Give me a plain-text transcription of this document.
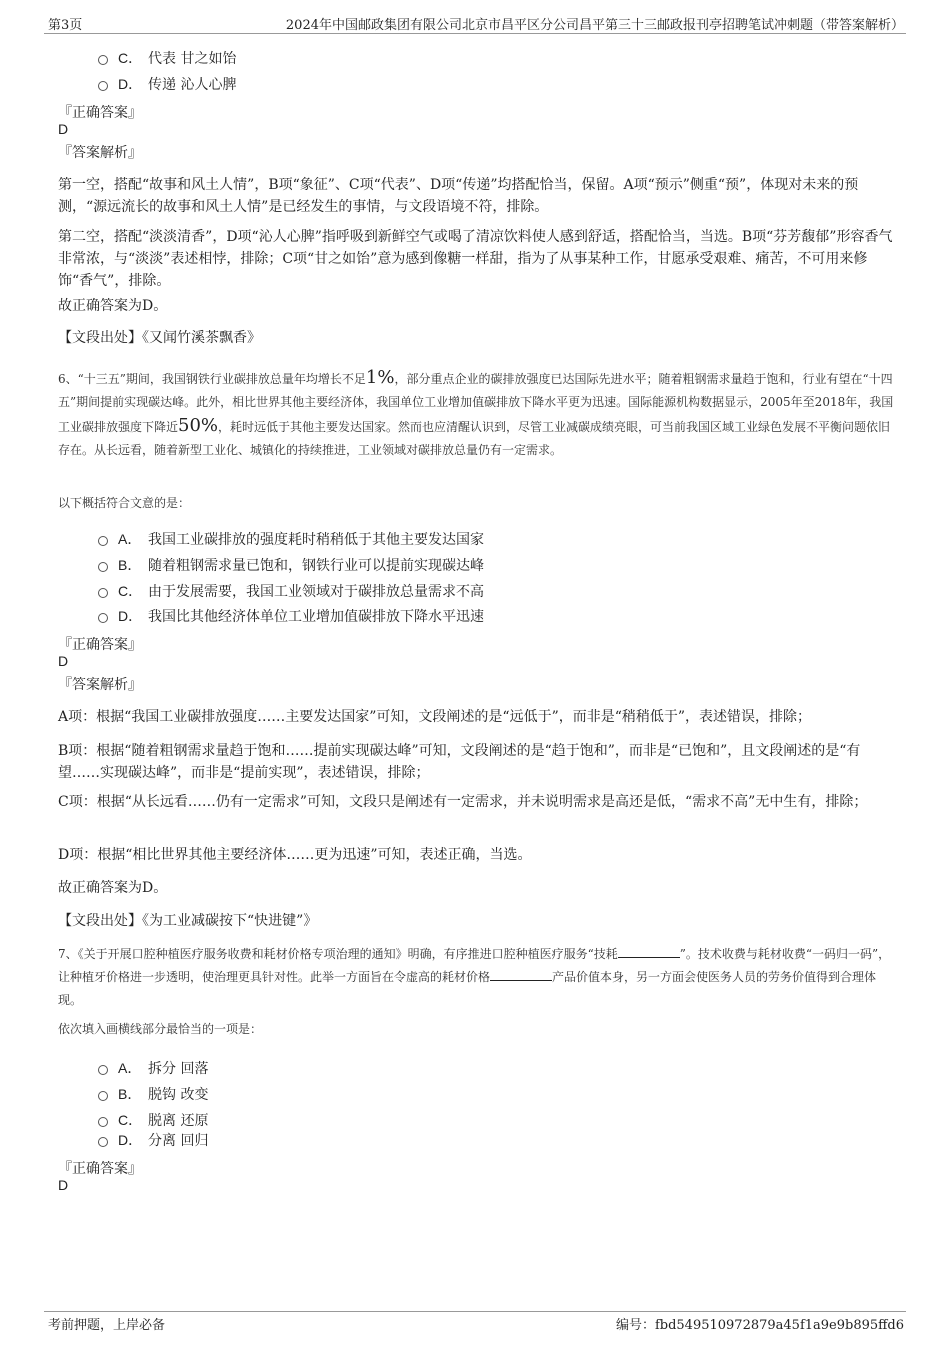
第3页	2024年中国邮政集团有限公司北京市昌平区分公司昌平第三十三邮政报刊亭招聘笔试冲刺题（带答案解析）
C． 代表 甘之如饴
D． 传递 沁人心脾
『正确答案』
D
『答案解析』
第一空，搭配“故事和风土人情”，B项“象征”、C项“代表”、D项“传递”均搭配恰当，保留。A项“预示”侧重“预”，体现对未来的预测，“源远流长的故事和风土人情”是已经发生的事情，与文段语境不符，排除。
第二空，搭配“淡淡清香”，D项“沁人心脾”指呼吸到新鲜空气或喝了清凉饮料使人感到舒适，搭配恰当，当选。B项“芬芳馥郁”形容香气非常浓，与“淡淡”表述相悖，排除；C项“甘之如饴”意为感到像糖一样甜，指为了从事某种工作，甘愿承受艰难、痛苦，不可用来修饰“香气”，排除。
故正确答案为D。
【文段出处】《又闻竹溪茶飘香》
6、“十三五”期间，我国钢铁行业碳排放总量年均增长不足1%，部分重点企业的碳排放强度已达国际先进水平；随着粗钢需求量趋于饱和，行业有望在“十四五”期间提前实现碳达峰。此外，相比世界其他主要经济体，我国单位工业增加值碳排放下降水平更为迅速。国际能源机构数据显示，2005年至2018年，我国工业碳排放强度下降近50%，耗时远低于其他主要发达国家。然而也应清醒认识到，尽管工业减碳成绩亮眼，可当前我国区域工业绿色发展不平衡问题依旧存在。从长远看，随着新型工业化、城镇化的持续推进，工业领域对碳排放总量仍有一定需求。
以下概括符合文意的是：
A． 我国工业碳排放的强度耗时稍稍低于其他主要发达国家
B． 随着粗钢需求量已饱和，钢铁行业可以提前实现碳达峰
C． 由于发展需要，我国工业领域对于碳排放总量需求不高
D． 我国比其他经济体单位工业增加值碳排放下降水平迅速
『正确答案』
D
『答案解析』
A项：根据“我国工业碳排放强度……主要发达国家”可知，文段阐述的是“远低于”，而非是“稍稍低于”，表述错误，排除；
B项：根据“随着粗钢需求量趋于饱和……提前实现碳达峰”可知，文段阐述的是“趋于饱和”，而非是“已饱和”，且文段阐述的是“有望……实现碳达峰”，而非是“提前实现”，表述错误，排除；
C项：根据“从长远看……仍有一定需求”可知，文段只是阐述有一定需求，并未说明需求是高还是低，“需求不高”无中生有，排除；
D项：根据“相比世界其他主要经济体……更为迅速”可知，表述正确，当选。
故正确答案为D。
【文段出处】《为工业减碳按下“快进键”》
7、《关于开展口腔种植医疗服务收费和耗材价格专项治理的通知》明确，有序推进口腔种植医疗服务“技耗	”。技术收费与耗材收费“一码归一码”，让种植牙价格进一步透明，使治理更具针对性。此举一方面旨在令虚高的耗材价格	产品价值本身，另一方面会使医务人员的劳务价值得到合理体现。
依次填入画横线部分最恰当的一项是：
A． 拆分 回落
B． 脱钩 改变
C． 脱离 还原
D． 分离 回归
『正确答案』
D
考前押题，上岸必备	编号：fbd549510972879a45f1a9e9b895ffd6
